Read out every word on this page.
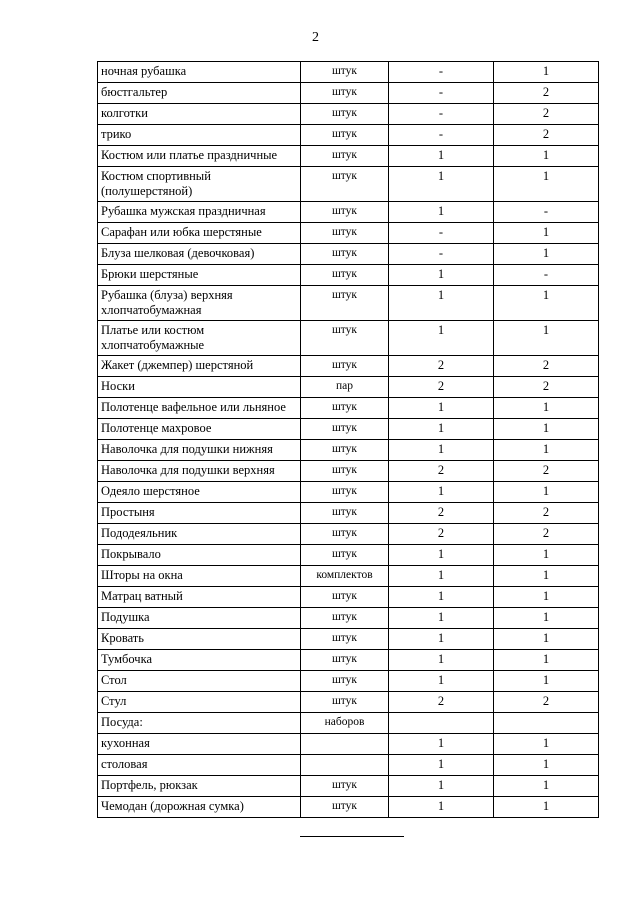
2
ночная рубашка	штук	-	1
бюстгальтер	штук	-	2
колготки	штук	-	2
трико	штук	-	2
Костюм или платье праздничные	штук	1	1
Костюм спортивный (полушерстяной)	штук	1	1
Рубашка мужская праздничная	штук	1	-
Сарафан или юбка шерстяные	штук	-	1
Блуза шелковая (девочковая)	штук	-	1
Брюки шерстяные	штук	1	-
Рубашка (блуза) верхняя хлопчатобумажная	штук	1	1
Платье или костюм хлопчатобумажные	штук	1	1
Жакет (джемпер) шерстяной	штук	2	2
Носки	пар	2	2
Полотенце вафельное или льняное	штук	1	1
Полотенце махровое	штук	1	1
Наволочка для подушки нижняя	штук	1	1
Наволочка для подушки верхняя	штук	2	2
Одеяло шерстяное	штук	1	1
Простыня	штук	2	2
Пододеяльник	штук	2	2
Покрывало	штук	1	1
Шторы на окна	комплектов	1	1
Матрац ватный	штук	1	1
Подушка	штук	1	1
Кровать	штук	1	1
Тумбочка	штук	1	1
Стол	штук	1	1
Стул	штук	2	2
Посуда:	наборов		
кухонная		1	1
столовая		1	1
Портфель, рюкзак	штук	1	1
Чемодан (дорожная сумка)	штук	1	1
